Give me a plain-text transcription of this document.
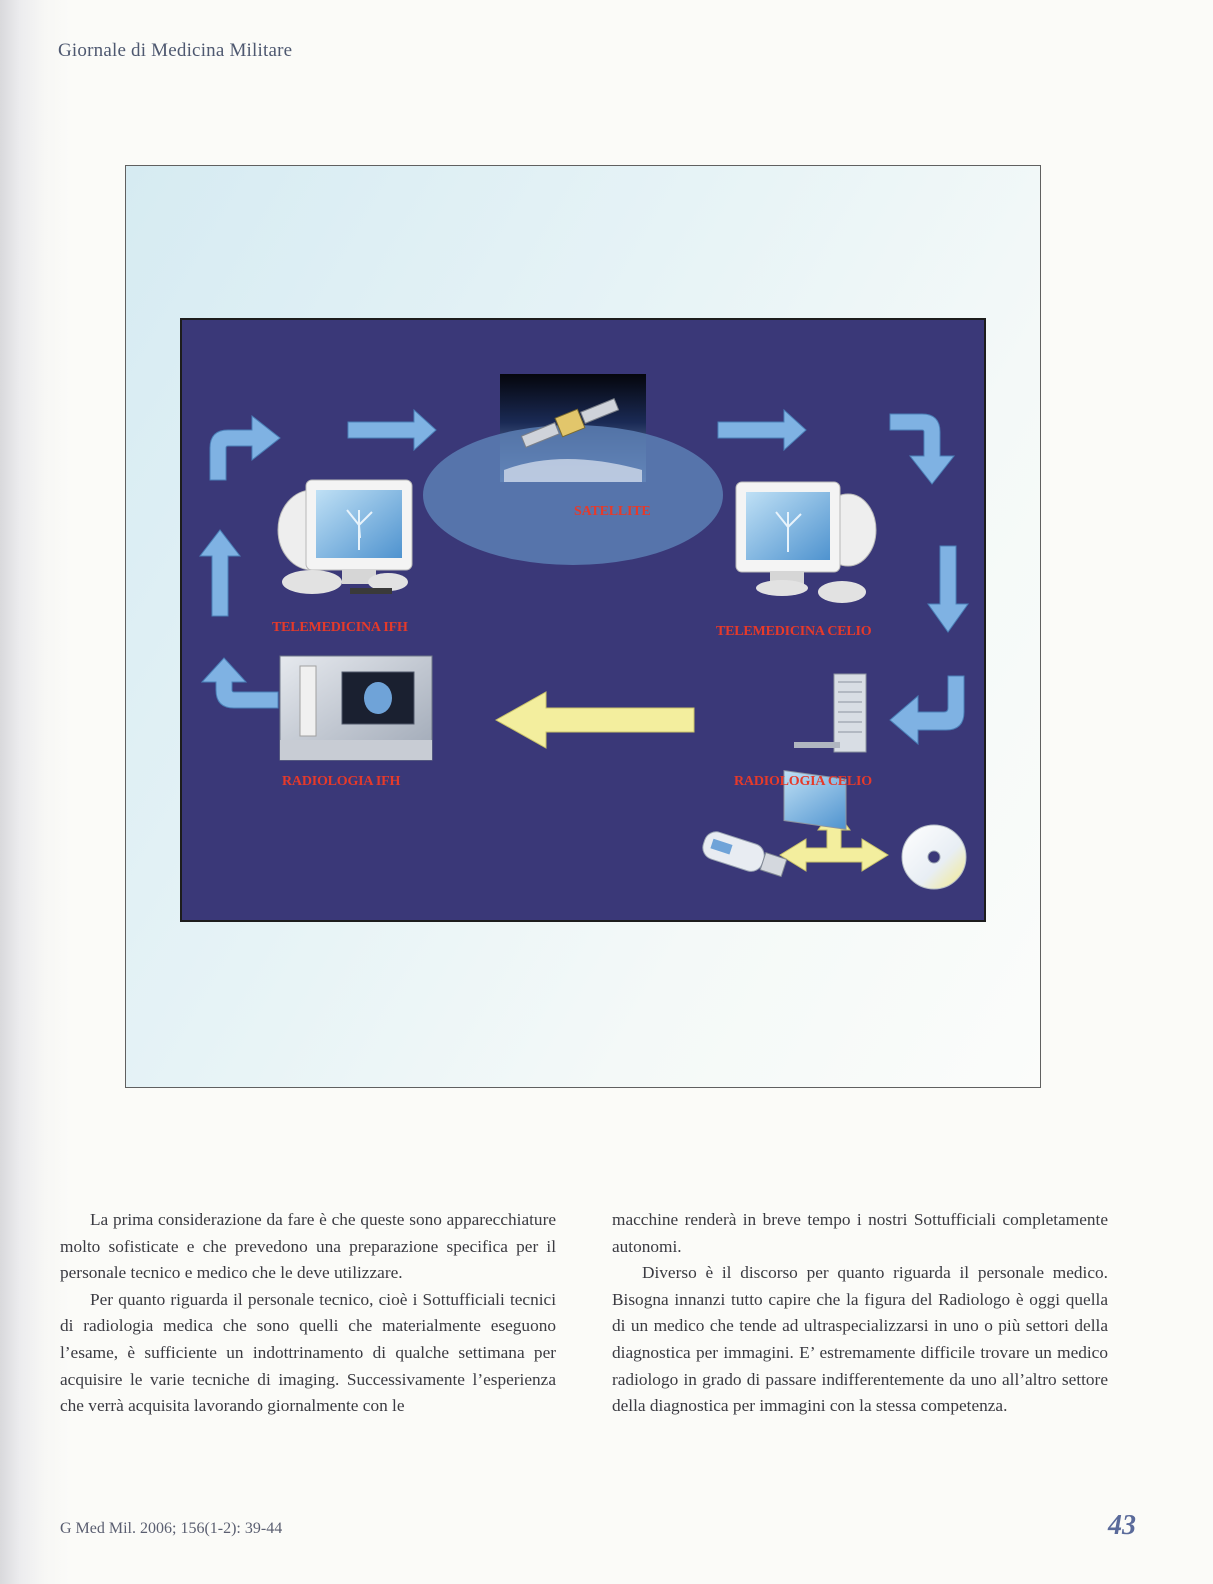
Giornale di Medicina Militare
SATELLITE
TELEMEDICINA IFH	TELEMEDICINA CELIO
RADIOLOGIA IFH	RADIOLOGIA CELIO

La prima considerazione da fare è che queste sono apparecchiature molto sofisticate e che prevedono una preparazione specifica per il personale tecnico e medico che le deve utilizzare.

Per quanto riguarda il personale tecnico, cioè i Sottufficiali tecnici di radiologia medica che sono quelli che materialmente eseguono l’esame, è sufficiente un indottrinamento di qualche settimana per acquisire le varie tecniche di imaging. Successivamente l’esperienza che verrà acquisita lavorando giornalmente con le

macchine renderà in breve tempo i nostri Sottufficiali completamente autonomi.

Diverso è il discorso per quanto riguarda il personale medico. Bisogna innanzi tutto capire che la figura del Radiologo è oggi quella di un medico che tende ad ultraspecializzarsi in uno o più settori della diagnostica per immagini. E’ estremamente difficile trovare un medico radiologo in grado di passare indifferentemente da uno all’altro settore della diagnostica per immagini con la stessa competenza.

G Med Mil. 2006; 156(1-2): 39-44	43
